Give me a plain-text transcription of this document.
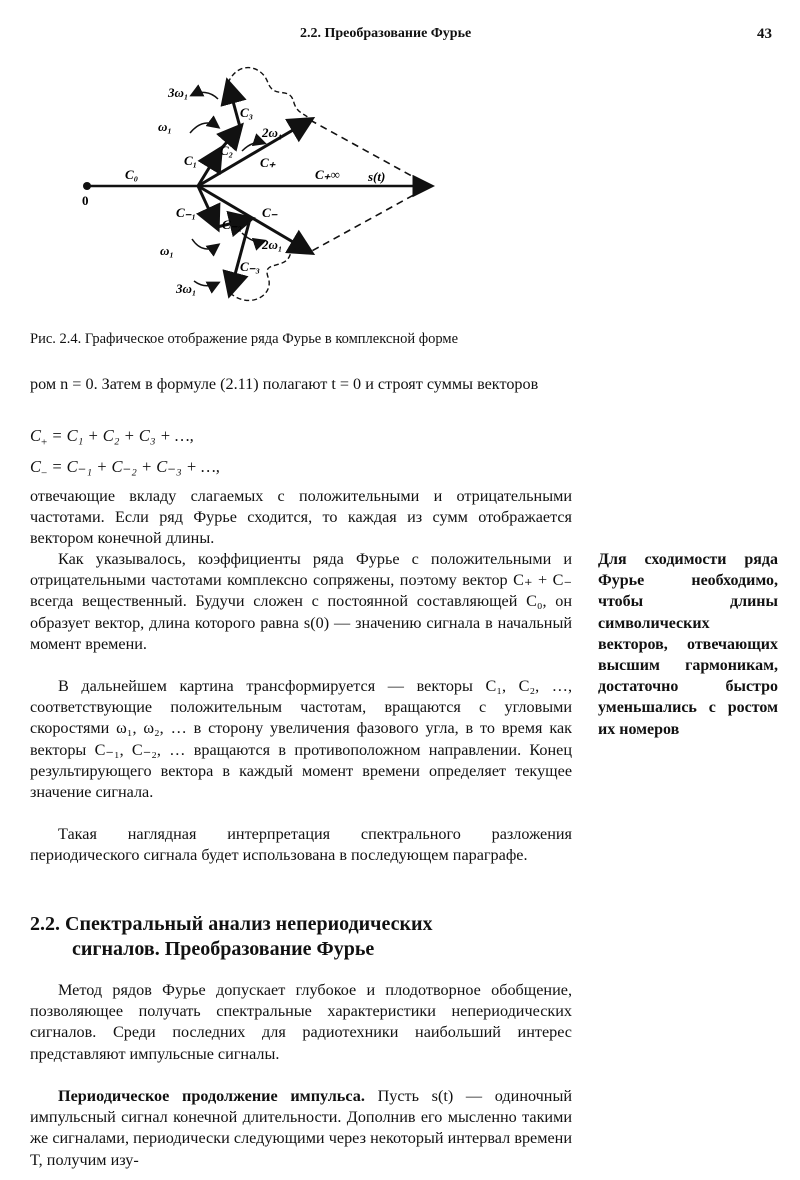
2.2. Преобразование Фурье	43
0
C₀	C₊∞ s(t)
C₁
C₂
C₃
C₊
C₋₁
C₋₂
C₋₃
C₋
ω₁	2ω₁
3ω₁
ω₁	2ω₁
3ω₁
Рис. 2.4. Графическое отображение ряда Фурье в комплексной форме

ром n = 0. Затем в формуле (2.11) полагают t = 0 и строят суммы векторов

$C_+ = C_1 + C_2 + C_3$ + …,
$C_- = C_{-1} + C_{-2} + C_{-3}$ + …,

отвечающие вкладу слагаемых с положительными и отрицательными частотами. Если ряд Фурье сходится, то каждая из сумм отображается вектором конечной длины.

Как указывалось, коэффициенты ряда Фурье с положительными и отрицательными частотами комплексно сопряжены, поэтому вектор C₊ + C₋ всегда вещественный. Будучи сложен с постоянной составляющей C₀, он образует вектор, длина которого равна s(0) — значению сигнала в начальный момент времени.

В дальнейшем картина трансформируется — векторы C₁, C₂, …, соответствующие положительным частотам, вращаются с угловыми скоростями ω₁, ω₂, … в сторону увеличения фазового угла, в то время как векторы C₋₁, C₋₂, … вращаются в противоположном направлении. Конец результирующего вектора в каждый момент времени определяет текущее значение сигнала.

Такая наглядная интерпретация спектрального разложения периодического сигнала будет использована в последующем параграфе.

Для сходимости ряда Фурье необходимо, чтобы длины символических векторов, отвечающих высшим гармоникам, достаточно быстро уменьшались с ростом их номеров
2.2. Спектральный анализ непериодических
сигналов. Преобразование Фурье

Метод рядов Фурье допускает глубокое и плодотворное обобщение, позволяющее получать спектральные характеристики непериодических сигналов. Среди последних для радиотехники наибольший интерес представляют импульсные сигналы.

Периодическое продолжение импульса. Пусть s(t) — одиночный импульсный сигнал конечной длительности. Дополнив его мысленно такими же сигналами, периодически следующими через некоторый интервал времени T, получим изу-
